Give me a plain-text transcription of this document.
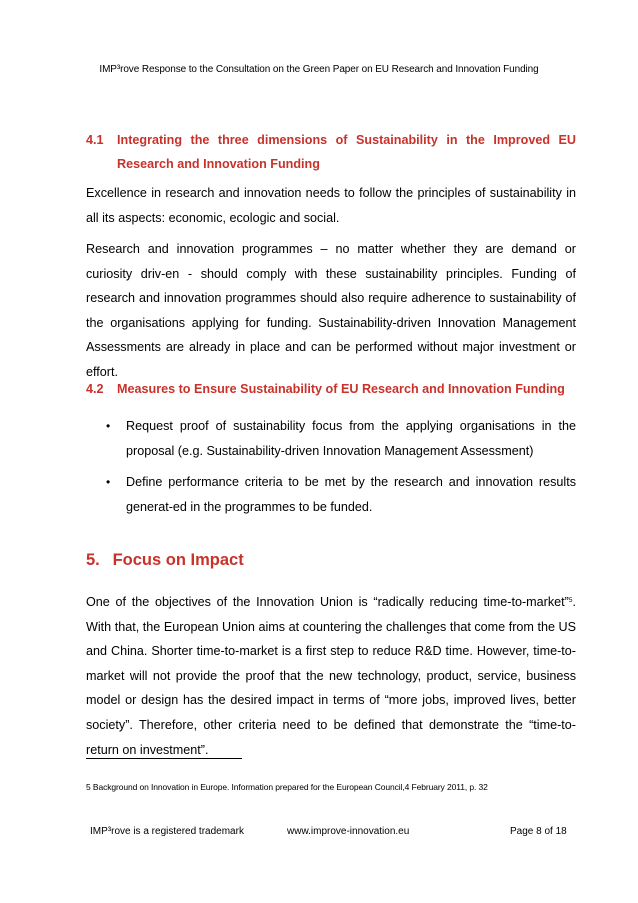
IMP³rove Response to the Consultation on the Green Paper on EU Research and Innovation Funding
4.1 Integrating the three dimensions of Sustainability in the Improved EU Research and Innovation Funding

Excellence in research and innovation needs to follow the principles of sustainability in all its aspects: economic, ecologic and social.

Research and innovation programmes – no matter whether they are demand or curiosity driv-en - should comply with these sustainability principles. Funding of research and innovation programmes should also require adherence to sustainability of the organisations applying for funding. Sustainability-driven Innovation Management Assessments are already in place and can be performed without major investment or effort.

4.2 Measures to Ensure Sustainability of EU Research and Innovation Funding
• Request proof of sustainability focus from the applying organisations in the proposal (e.g. Sustainability-driven Innovation Management Assessment)
• Define performance criteria to be met by the research and innovation results generat-ed in the programmes to be funded.
5. Focus on Impact

One of the objectives of the Innovation Union is “radically reducing time-to-market”$^5$. With that, the European Union aims at countering the challenges that come from the US and China. Shorter time-to-market is a first step to reduce R&D time. However, time-to-market will not provide the proof that the new technology, product, service, business model or design has the desired impact in terms of “more jobs, improved lives, better society”. Therefore, other criteria need to be defined that demonstrate the “time-to-return on investment”.

5 Background on Innovation in Europe. Information prepared for the European Council,4 February 2011, p. 32
IMP³rove is a registered trademark	www.improve-innovation.eu	Page 8 of 18
